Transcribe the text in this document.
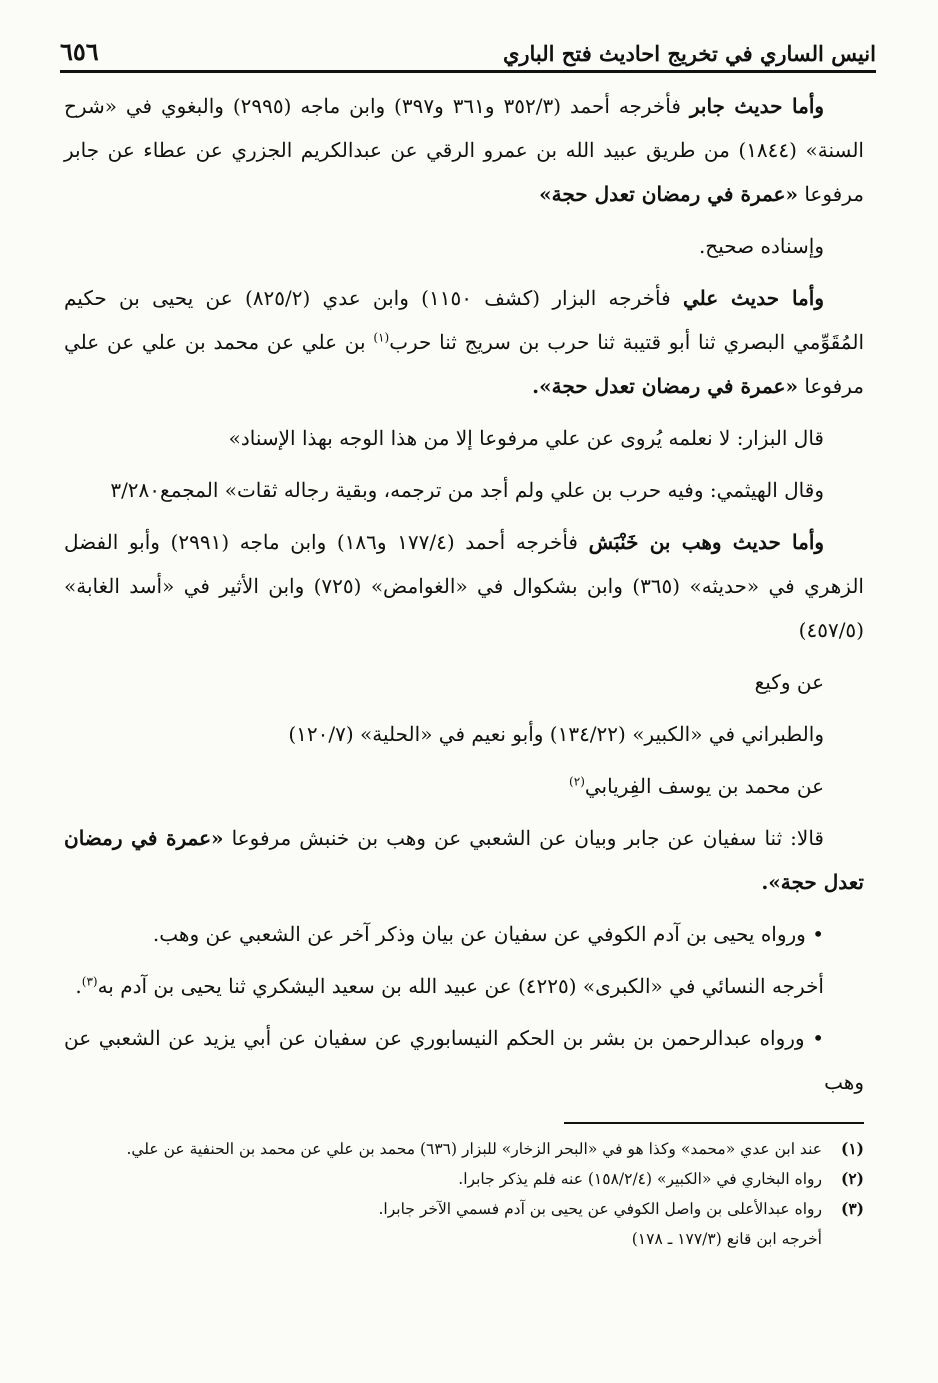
انيس الساري في تخريج احاديث فتح الباري
٦٥٦

وأما حديث جابر فأخرجه أحمد (٣٥٢/٣ و٣٦١ و٣٩٧) وابن ماجه (٢٩٩٥) والبغوي في «شرح السنة» (١٨٤٤) من طريق عبيد الله بن عمرو الرقي عن عبدالكريم الجزري عن عطاء عن جابر مرفوعا «عمرة في رمضان تعدل حجة»

وإسناده صحيح.

وأما حديث علي فأخرجه البزار (كشف ١١٥٠) وابن عدي (٨٢٥/٢) عن يحيى بن حكيم المُقَوِّمي البصري ثنا أبو قتيبة ثنا حرب بن سريج ثنا حرب$^{(١)}$ بن علي عن محمد بن علي عن علي مرفوعا «عمرة في رمضان تعدل حجة».

قال البزار: لا نعلمه يُروى عن علي مرفوعا إلا من هذا الوجه بهذا الإسناد»

وقال الهيثمي: وفيه حرب بن علي ولم أجد من ترجمه، وبقية رجاله ثقات» المجمع٣/٢٨٠

وأما حديث وهب بن خَنْبَش فأخرجه أحمد (١٧٧/٤ و١٨٦) وابن ماجه (٢٩٩١) وأبو الفضل الزهري في «حديثه» (٣٦٥) وابن بشكوال في «الغوامض» (٧٢٥) وابن الأثير في «أسد الغابة» (٤٥٧/٥)

عن وكيع

والطبراني في «الكبير» (١٣٤/٢٢) وأبو نعيم في «الحلية» (١٢٠/٧)

عن محمد بن يوسف الفِريابي$^{(٢)}$

قالا: ثنا سفيان عن جابر وبيان عن الشعبي عن وهب بن خنبش مرفوعا «عمرة في رمضان تعدل حجة».

• ورواه يحيى بن آدم الكوفي عن سفيان عن بيان وذكر آخر عن الشعبي عن وهب.

أخرجه النسائي في «الكبرى» (٤٢٢٥) عن عبيد الله بن سعيد اليشكري ثنا يحيى بن آدم به$^{(٣)}$.

• ورواه عبدالرحمن بن بشر بن الحكم النيسابوري عن سفيان عن أبي يزيد عن الشعبي عن وهب

(١)
عند ابن عدي «محمد» وكذا هو في «البحر الزخار» للبزار (٦٣٦) محمد بن علي عن محمد بن الحنفية عن علي.
(٢)
رواه البخاري في «الكبير» (١٥٨/٢/٤) عنه فلم يذكر جابرا.
(٣)
رواه عبدالأعلى بن واصل الكوفي عن يحيى بن آدم فسمي الآخر جابرا.
أخرجه ابن قانع (١٧٧/٣ ـ ١٧٨)
